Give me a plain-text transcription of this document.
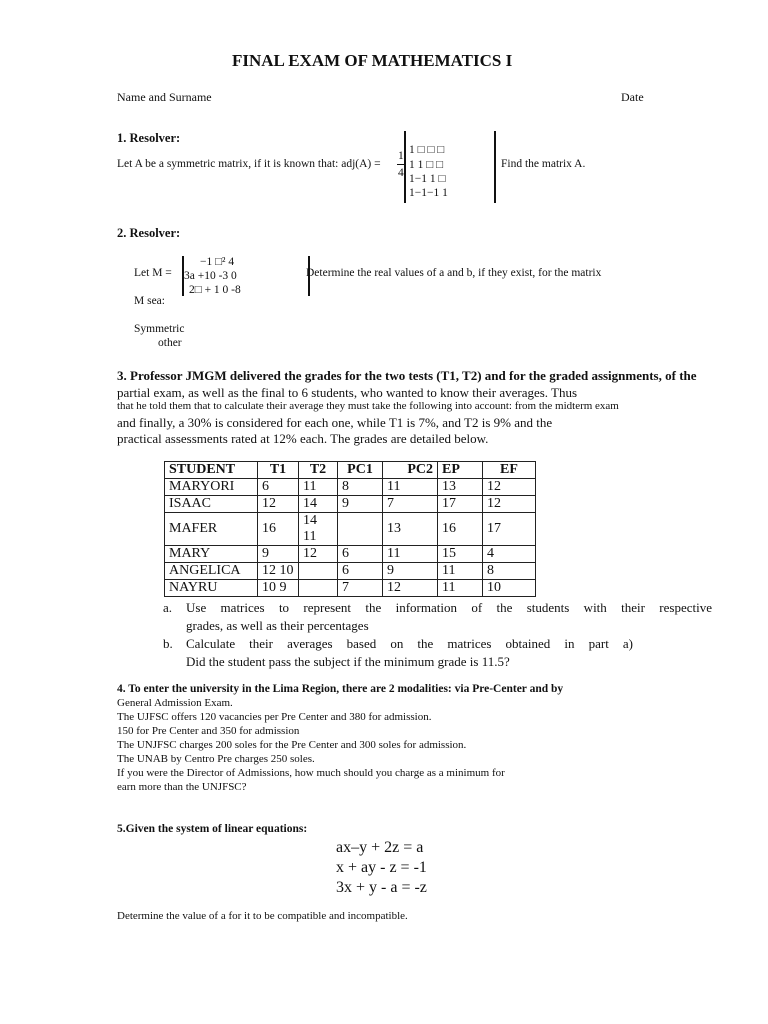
FINAL EXAM OF MATHEMATICS I
Name and Surname	Date
1. Resolver:
Let A be a symmetric matrix, if it is known that: adj(A) =
1
4
1 □ □ □
1 1 □ □
1−1 1 □
1−1−1 1
Find the matrix A.
2. Resolver:
Let M =
−1 □² 4
3a +10 -3 0
2□ + 1 0 -8
Determine the real values of a and b, if they exist, for the matrix
M sea:
Symmetric
other
3. Professor JMGM delivered the grades for the two tests (T1, T2) and for the graded assignments, of the
partial exam, as well as the final to 6 students, who wanted to know their averages. Thus
that he told them that to calculate their average they must take the following into account: from the midterm exam
and finally, a 30% is considered for each one, while T1 is 7%, and T2 is 9% and the
practical assessments rated at 12% each. The grades are detailed below.
STUDENT	T1	T2	PC1	PC2	EP	EF
MARYORI	6	11	8	11	13	12
ISAAC	12	14	9	7	17	12
MAFER	16	14 11		13	16	17
MARY	9	12	6	11	15	4
ANGELICA	12 10		6	9	11	8
NAYRU	10 9		7	12	11	10
a. Use matrices to represent the information of the students with their respective
grades, as well as their percentages
b. Calculate their averages based on the matrices obtained in part a)
Did the student pass the subject if the minimum grade is 11.5?
4. To enter the university in the Lima Region, there are 2 modalities: via Pre-Center and by
General Admission Exam.
The UJFSC offers 120 vacancies per Pre Center and 380 for admission.
150 for Pre Center and 350 for admission
The UNJFSC charges 200 soles for the Pre Center and 300 soles for admission.
The UNAB by Centro Pre charges 250 soles.
If you were the Director of Admissions, how much should you charge as a minimum for
earn more than the UNJFSC?
5.Given the system of linear equations:
ax–y + 2z = a
x + ay - z = -1
3x + y - a = -z
Determine the value of a for it to be compatible and incompatible.
